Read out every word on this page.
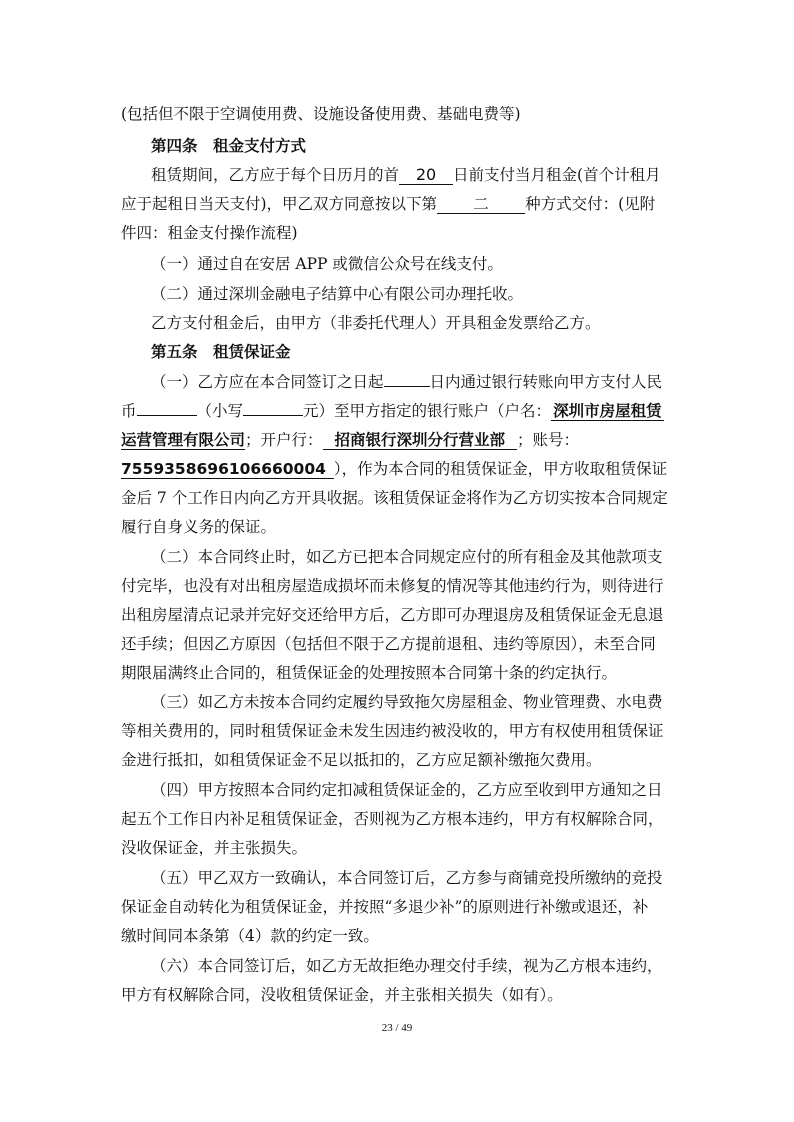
(包括但不限于空调使用费、设施设备使用费、基础电费等)
第四条　租金支付方式
租赁期间，乙方应于每个日历月的首 20 日前支付当月租金(首个计租月
应于起租日当天支付)，甲乙双方同意按以下第 二 种方式交付：(见附
件四：租金支付操作流程)
（一）通过自在安居 APP 或微信公众号在线支付。
（二）通过深圳金融电子结算中心有限公司办理托收。
乙方支付租金后，由甲方（非委托代理人）开具租金发票给乙方。
第五条　租赁保证金
（一）乙方应在本合同签订之日起	日内通过银行转账向甲方支付人民
币	（小写	元）至甲方指定的银行账户（户名： 深圳市房屋租赁
运营管理有限公司；开户行： 招商银行深圳分行营业部 ；账号：
755935869610666000​4 ），作为本合同的租赁保证金，甲方收取租赁保证
金后 7 个工作日内向乙方开具收据。该租赁保证金将作为乙方切实按本合同规定
履行自身义务的保证。
（二）本合同终止时，如乙方已把本合同规定应付的所有租金及其他款项支
付完毕，也没有对出租房屋造成损坏而未修复的情况等其他违约行为，则待进行
出租房屋清点记录并完好交还给甲方后，乙方即可办理退房及租赁保证金无息退
还手续；但因乙方原因（包括但不限于乙方提前退租、违约等原因），未至合同
期限届满终止合同的，租赁保证金的处理按照本合同第十条的约定执行。
（三）如乙方未按本合同约定履约导致拖欠房屋租金、物业管理费、水电费
等相关费用的，同时租赁保证金未发生因违约被没收的，甲方有权使用租赁保证
金进行抵扣，如租赁保证金不足以抵扣的，乙方应足额补缴拖欠费用。
（四）甲方按照本合同约定扣减租赁保证金的，乙方应至收到甲方通知之日
起五个工作日内补足租赁保证金，否则视为乙方根本违约，甲方有权解除合同，
没收保证金，并主张损失。
（五）甲乙双方一致确认，本合同签订后，乙方参与商铺竞投所缴纳的竞投
保证金自动转化为租赁保证金，并按照“多退少补”的原则进行补缴或退还，补
缴时间同本条第（4）款的约定一致。
（六）本合同签订后，如乙方无故拒绝办理交付手续，视为乙方根本违约，
甲方有权解除合同，没收租赁保证金，并主张相关损失（如有）。
23 / 49
